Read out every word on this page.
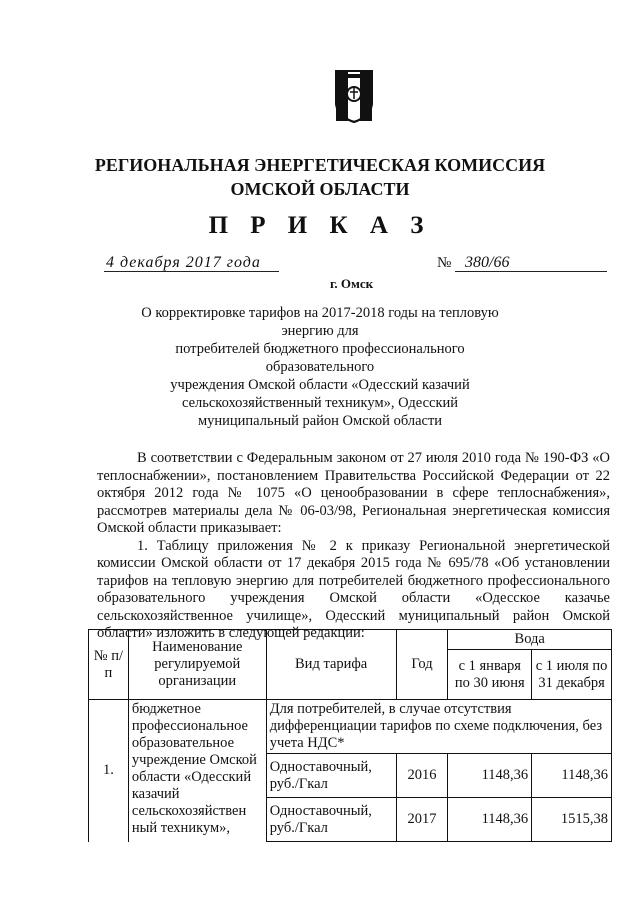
РЕГИОНАЛЬНАЯ ЭНЕРГЕТИЧЕСКАЯ КОМИССИЯ
ОМСКОЙ ОБЛАСТИ
П Р И К А З
4 декабря 2017 года
г. Омск
№ 380/66
О корректировке тарифов на 2017-2018 годы на тепловую энергию для
потребителей бюджетного профессионального образовательного
учреждения Омской области «Одесский казачий
сельскохозяйственный техникум», Одесский
муниципальный район Омской области

В соответствии с Федеральным законом от 27 июля 2010 года № 190-ФЗ «О теплоснабжении», постановлением Правительства Российской Федерации от 22 октября 2012 года № 1075 «О ценообразовании в сфере теплоснабжения», рассмотрев материалы дела № 06-03/98, Региональная энергетическая комиссия Омской области приказывает:

1. Таблицу приложения № 2 к приказу Региональной энергетической комиссии Омской области от 17 декабря 2015 года № 695/78 «Об установлении тарифов на тепловую энергию для потребителей бюджетного профессионального образовательного учреждения Омской области «Одесское казачье сельскохозяйственное училище», Одесский муниципальный район Омской области» изложить в следующей редакции:

№ п/п	Наименование регулируемой организации	Вид тарифа	Год	Вода	
				с 1 января по 30 июня	с 1 июля по 31 декабря
1.	бюджетное профессиональное образовательное учреждение Омской области «Одесский казачий сельскохозяйствен ный техникум»,	Для потребителей, в случае отсутствия дифференциации тарифов по схеме подключения, без учета НДС*			
		Одноставочный, руб./Гкал	2016	1148,36	1148,36
		Одноставочный, руб./Гкал	2017	1148,36	1515,38
